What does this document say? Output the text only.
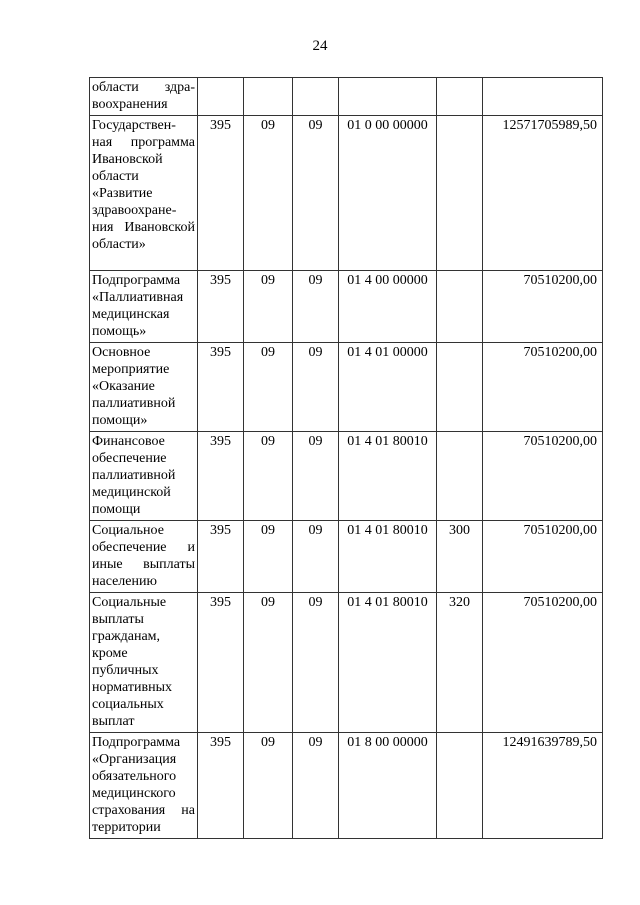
24
области здра-воохранения						
Государствен-ная программа Ивановской области «Развитие здравоохране-ния Ивановской области»	395	09	09	01 0 00 00000		12571705989,50
Подпрограмма «Паллиативная медицинская помощь»	395	09	09	01 4 00 00000		70510200,00
Основное мероприятие «Оказание паллиативной помощи»	395	09	09	01 4 01 00000		70510200,00
Финансовое обеспечение паллиативной медицинской помощи	395	09	09	01 4 01 80010		70510200,00
Социальное обеспечение и иные выплаты населению	395	09	09	01 4 01 80010	300	70510200,00
Социальные выплаты гражданам, кроме публичных нормативных социальных выплат	395	09	09	01 4 01 80010	320	70510200,00
Подпрограмма «Организация обязательного медицинского страхования на территории	395	09	09	01 8 00 00000		12491639789,50
